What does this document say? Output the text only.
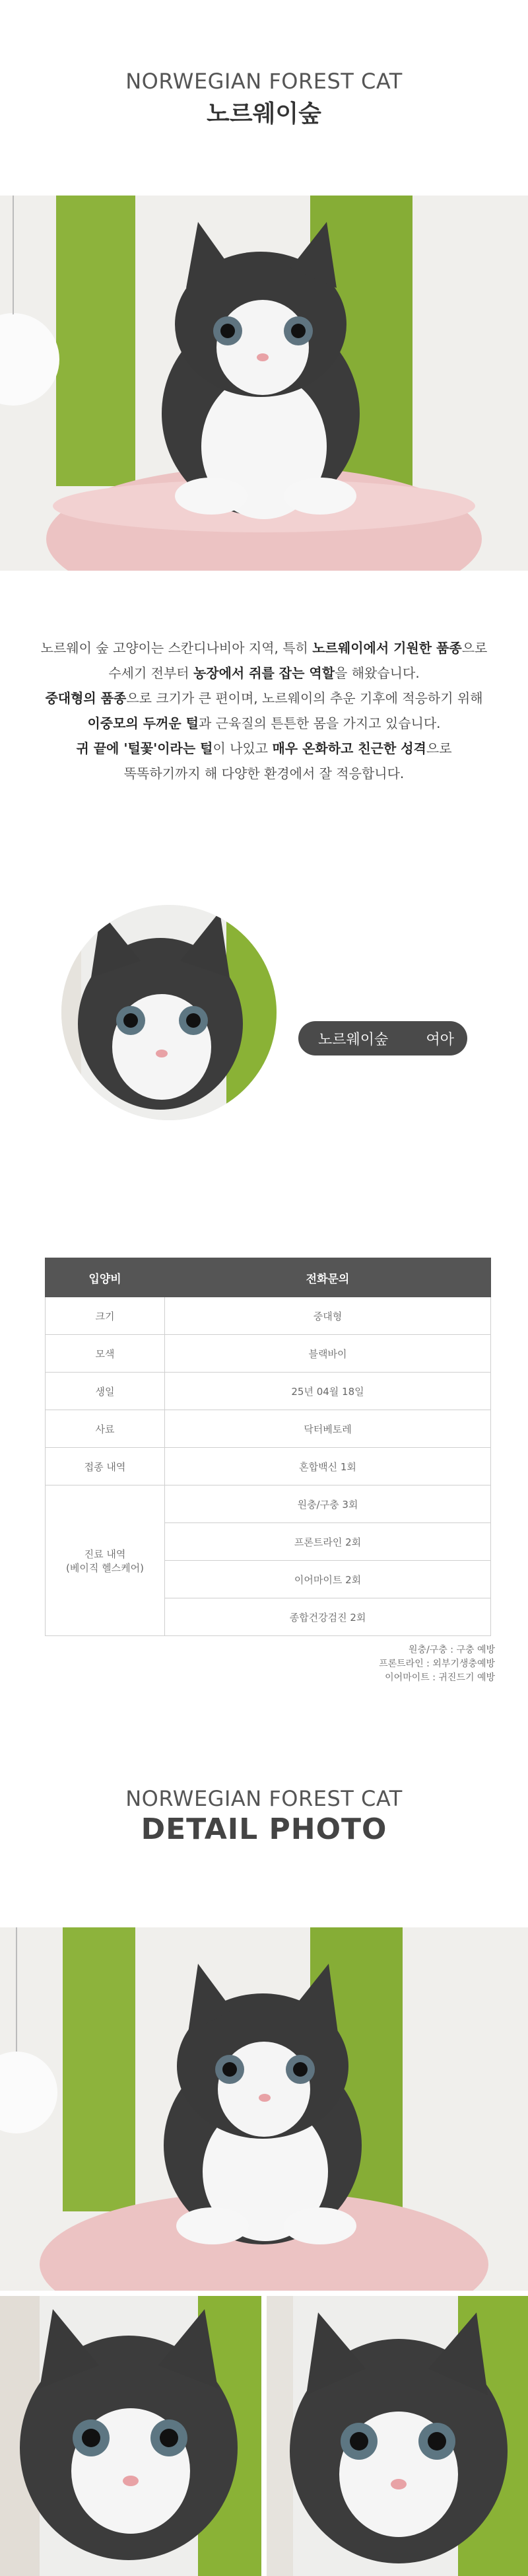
NORWEGIAN FOREST CAT
노르웨이숲
노르웨이 숲 고양이는 스칸디나비아 지역, 특히 노르웨이에서 기원한 품종으로
수세기 전부터 농장에서 쥐를 잡는 역할을 해왔습니다.
중대형의 품종으로 크기가 큰 편이며, 노르웨이의 추운 기후에 적응하기 위해
이중모의 두꺼운 털과 근육질의 튼튼한 몸을 가지고 있습니다.
귀 끝에 '털꽃'이라는 털이 나있고 매우 온화하고 친근한 성격으로
똑똑하기까지 해 다양한 환경에서 잘 적응합니다.
노르웨이숲	여아
입양비	전화문의
크기	중대형
모색	블랙바이
생일	25년 04월 18일
사료	닥터베토레
접종 내역	혼합백신 1회

진료 내역
(베이직 헬스케어)	원충/구충 3회
	프론트라인 2회
	이어마이트 2회
	종합건강검진 2회
원충/구충 : 구충 예방
프론트라인 : 외부기생충예방
이어마이트 : 귀진드기 예방
NORWEGIAN FOREST CAT
DETAIL PHOTO
